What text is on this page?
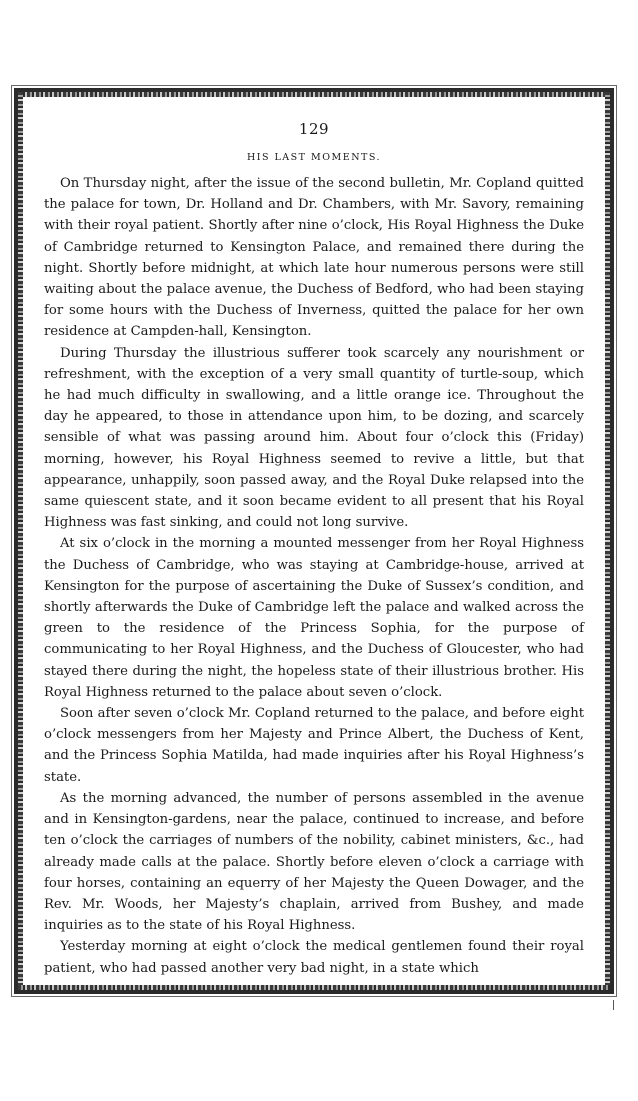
129
HIS LAST MOMENTS.

On Thursday night, after the issue of the second bulletin, Mr. Copland quitted the palace for town, Dr. Holland and Dr. Chambers, with Mr. Savory, remaining with their royal patient. Shortly after nine o’clock, His Royal Highness the Duke of Cambridge returned to Kensington Palace, and remained there during the night. Shortly before midnight, at which late hour numerous persons were still waiting about the palace avenue, the Duchess of Bedford, who had been staying for some hours with the Duchess of Inverness, quitted the palace for her own residence at Campden-hall, Kensington.

During Thursday the illustrious sufferer took scarcely any nourishment or refreshment, with the exception of a very small quantity of turtle-soup, which he had much difficulty in swallowing, and a little orange ice. Throughout the day he appeared, to those in attendance upon him, to be dozing, and scarcely sensible of what was passing around him. About four o’clock this (Friday) morning, however, his Royal Highness seemed to revive a little, but that appearance, unhappily, soon passed away, and the Royal Duke relapsed into the same quiescent state, and it soon became evident to all present that his Royal Highness was fast sinking, and could not long survive.

At six o’clock in the morning a mounted messenger from her Royal Highness the Duchess of Cambridge, who was staying at Cambridge-house, arrived at Kensington for the purpose of ascertaining the Duke of Sussex’s condition, and shortly afterwards the Duke of Cambridge left the palace and walked across the green to the residence of the Princess Sophia, for the purpose of communicating to her Royal Highness, and the Duchess of Gloucester, who had stayed there during the night, the hopeless state of their illustrious brother. His Royal Highness returned to the palace about seven o’clock.

Soon after seven o’clock Mr. Copland returned to the palace, and before eight o’clock messengers from her Majesty and Prince Albert, the Duchess of Kent, and the Princess Sophia Matilda, had made inquiries after his Royal Highness’s state.

As the morning advanced, the number of persons assembled in the avenue and in Kensington-gardens, near the palace, continued to increase, and before ten o’clock the carriages of numbers of the nobility, cabinet ministers, &c., had already made calls at the palace. Shortly before eleven o’clock a carriage with four horses, containing an equerry of her Majesty the Queen Dowager, and the Rev. Mr. Woods, her Majesty’s chaplain, arrived from Bushey, and made inquiries as to the state of his Royal Highness.

Yesterday morning at eight o’clock the medical gentlemen found their royal patient, who had passed another very bad night, in a state which
